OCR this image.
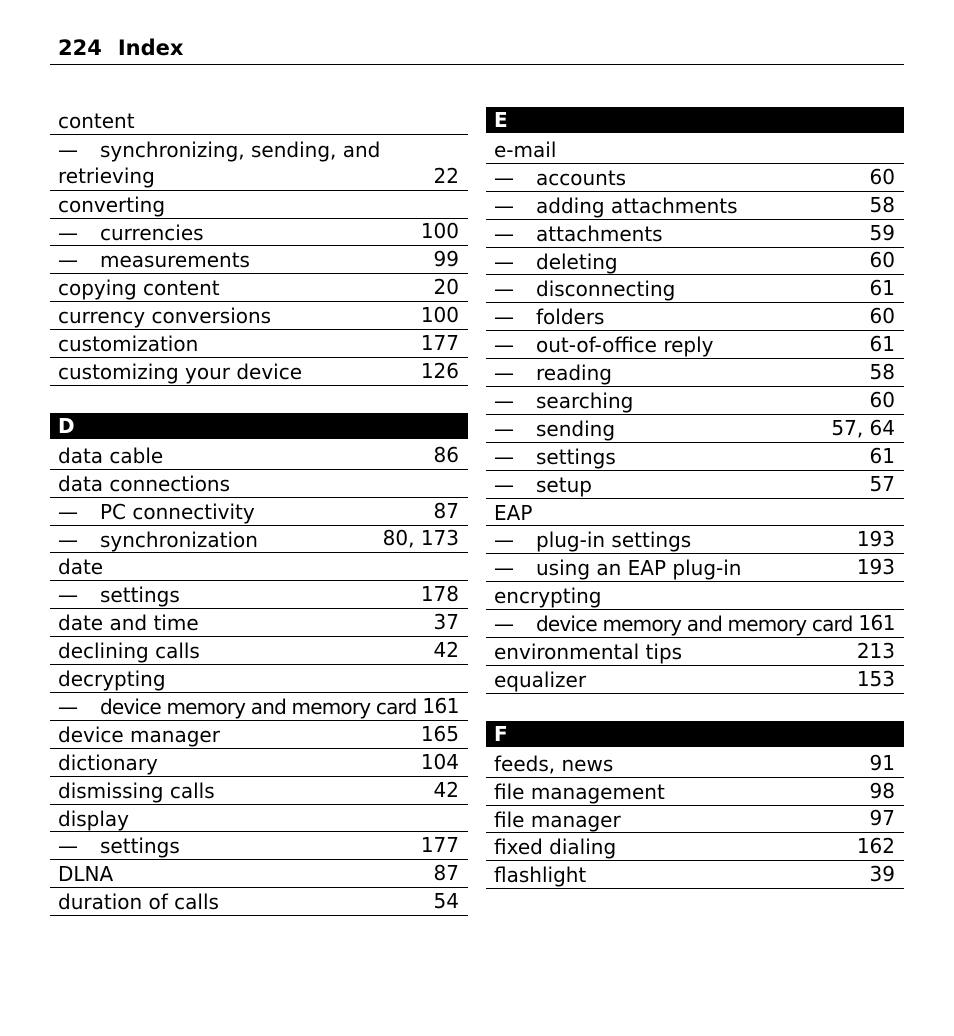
224 Index
content
— synchronizing, sending, and
retrieving	22
converting
— currencies	100
— measurements	99
copying content	20
currency conversions	100
customization	177
customizing your device	126
D
data cable	86
data connections
— PC connectivity	87
— synchronization	80, 173
date
— settings	178
date and time	37
declining calls	42
decrypting
— device memory and memory card 161
device manager	165
dictionary	104
dismissing calls	42
display
— settings	177
DLNA	87
duration of calls	54
E
e-mail
— accounts	60
— adding attachments	58
— attachments	59
— deleting	60
— disconnecting	61
— folders	60
— out-of-office reply	61
— reading	58
— searching	60
— sending	57, 64
— settings	61
— setup	57
EAP
— plug-in settings	193
— using an EAP plug-in	193
encrypting
— device memory and memory card 161
environmental tips	213
equalizer	153
F
feeds, news	91
file management	98
file manager	97
fixed dialing	162
flashlight	39
